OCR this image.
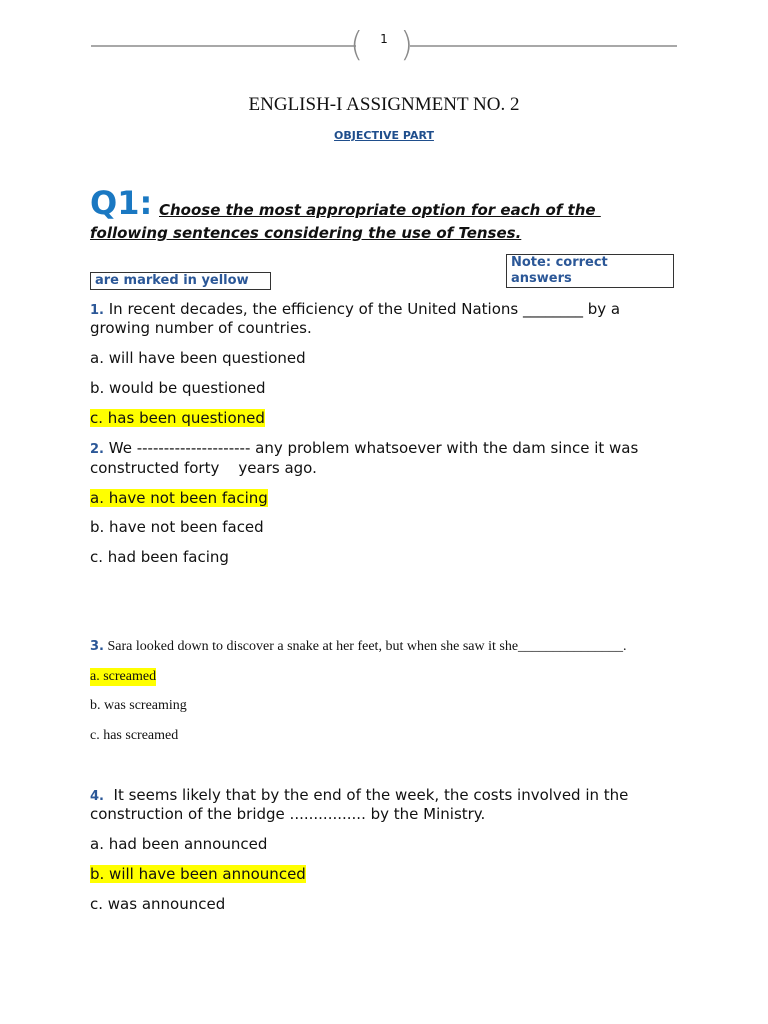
( )
1
ENGLISH-I ASSIGNMENT NO. 2
OBJECTIVE PART
Q1: Choose the most appropriate option for each of the
following sentences considering the use of Tenses.
Note: correct answers
are marked in yellow
1. In recent decades, the efficiency of the United Nations ________ by a
growing number of countries.
a. will have been questioned
b. would be questioned
c. has been questioned
2. We --------------------- any problem whatsoever with the dam since it was
constructed forty    years ago.
a. have not been facing
b. have not been faced
c. had been facing
3. Sara looked down to discover a snake at her feet, but when she saw it she_______________.
a. screamed
b. was screaming
c. has screamed
4.  It seems likely that by the end of the week, the costs involved in the
construction of the bridge ................ by the Ministry.
a. had been announced
b. will have been announced
c. was announced
